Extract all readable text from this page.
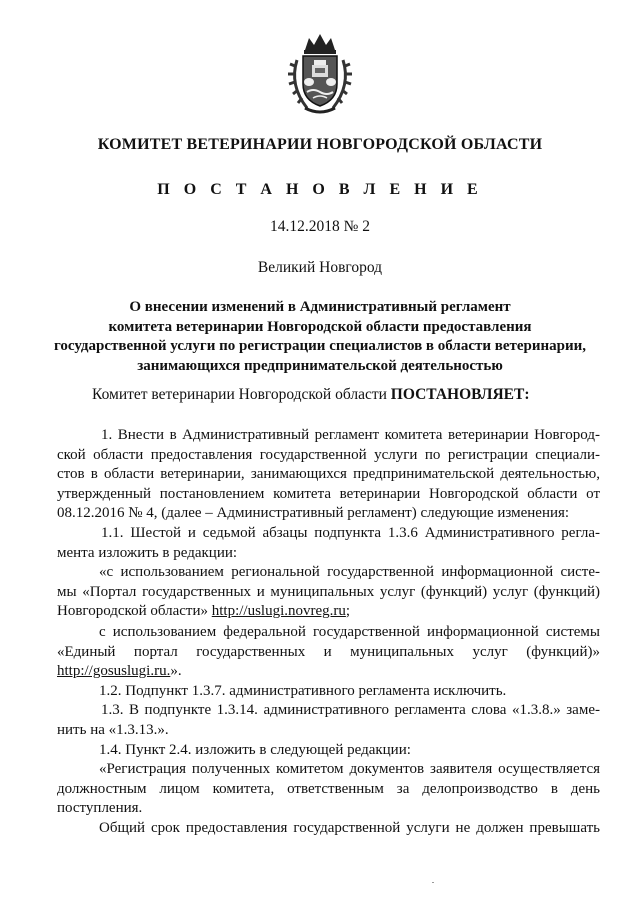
КОМИТЕТ ВЕТЕРИНАРИИ НОВГОРОДСКОЙ ОБЛАСТИ
П О С Т А Н О В Л Е Н И Е
14.12.2018 № 2
Великий Новгород
О внесении изменений в Административный регламент
комитета ветеринарии Новгородской области предоставления
государственной услуги по регистрации специалистов в области ветеринарии,
занимающихся предпринимательской деятельностью
Комитет ветеринарии Новгородской области ПОСТАНОВЛЯЕТ:
1. Внести в Административный регламент комитета ветеринарии Новгород-
ской области предоставления государственной услуги по регистрации специали-
стов в области ветеринарии, занимающихся предпринимательской деятельностью,
утвержденный постановлением комитета ветеринарии Новгородской области от
08.12.2016 № 4, (далее – Административный регламент) следующие изменения:
1.1. Шестой и седьмой абзацы подпункта 1.3.6 Административного регла-
мента изложить в редакции:
«с использованием региональной государственной информационной систе-
мы «Портал государственных и муниципальных услуг (функций) услуг (функций)
Новгородской области» http://uslugi.novreg.ru;
с использованием федеральной государственной информационной системы
«Единый портал государственных и муниципальных услуг (функций)»
http://gosuslugi.ru.».
1.2. Подпункт 1.3.7. административного регламента исключить.
1.3. В подпункте 1.3.14. административного регламента слова «1.3.8.» заме-
нить на «1.3.13.».
1.4. Пункт 2.4. изложить в следующей редакции:
«Регистрация полученных комитетом документов заявителя осуществляется
должностным лицом комитета, ответственным за делопроизводство в день
поступления.
Общий срок предоставления государственной услуги не должен превышать
